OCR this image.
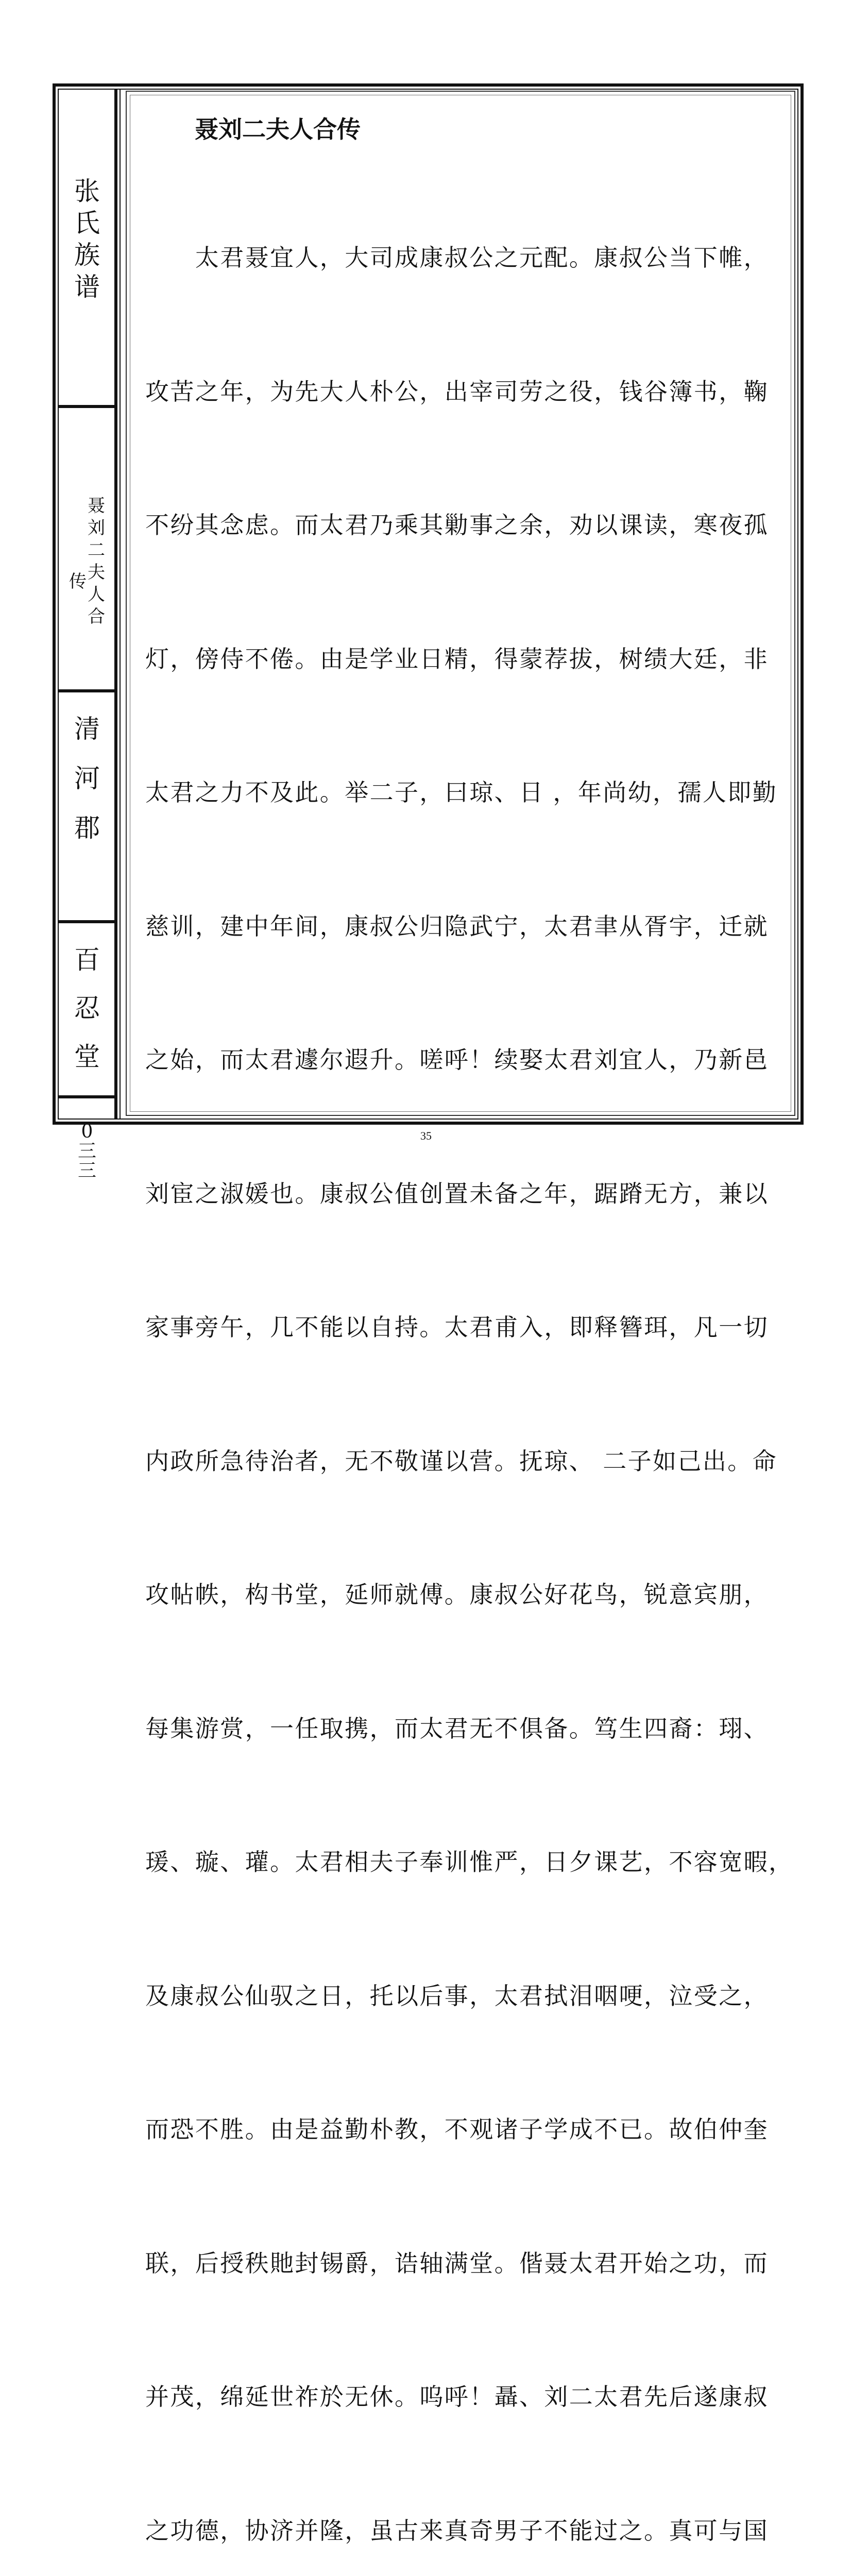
张
氏
族
谱
聂
刘
二
夫
人
合
传
清
河
郡
百
忍
堂
0
三
三
聂刘二夫人合传

　　太君聂宜人，大司成康叔公之元配。康叔公当下帷，

攻苦之年，为先大人朴公，出宰司劳之役，钱谷簿书，鞠

不纷其念虑。而太君乃乘其勦事之余，劝以课读，寒夜孤

灯，傍侍不倦。由是学业日精，得蒙荐拔，树绩大廷，非

太君之力不及此。举二子，曰琼、日 ，年尚幼，孺人即勤

慈训，建中年间，康叔公归隐武宁，太君聿从胥宇，迁就

之始，而太君遽尔遐升。嗟呼！续娶太君刘宜人，乃新邑

刘宦之淑媛也。康叔公值创置未备之年，踞蹐无方，兼以

家事旁午，几不能以自持。太君甫入，即释簪珥，凡一切

内政所急待治者，无不敬谨以营。抚琼、 二子如己出。命

攻帖帙，构书堂，延师就傅。康叔公好花鸟，锐意宾朋，

每集游赏，一任取携，而太君无不俱备。笃生四裔：珝、

瑗、璇、瓘。太君相夫子奉训惟严，日夕课艺，不容宽暇，

及康叔公仙驭之日，托以后事，太君拭泪咽哽，泣受之，

而恐不胜。由是益勤朴教，不观诸子学成不已。故伯仲奎

联，后授秩貤封锡爵，诰轴满堂。偕聂太君开始之功，而

并茂，绵延世祚於无休。呜呼！聶、刘二太君先后遂康叔

之功德，协济并隆，虽古来真奇男子不能过之。真可与国

35
